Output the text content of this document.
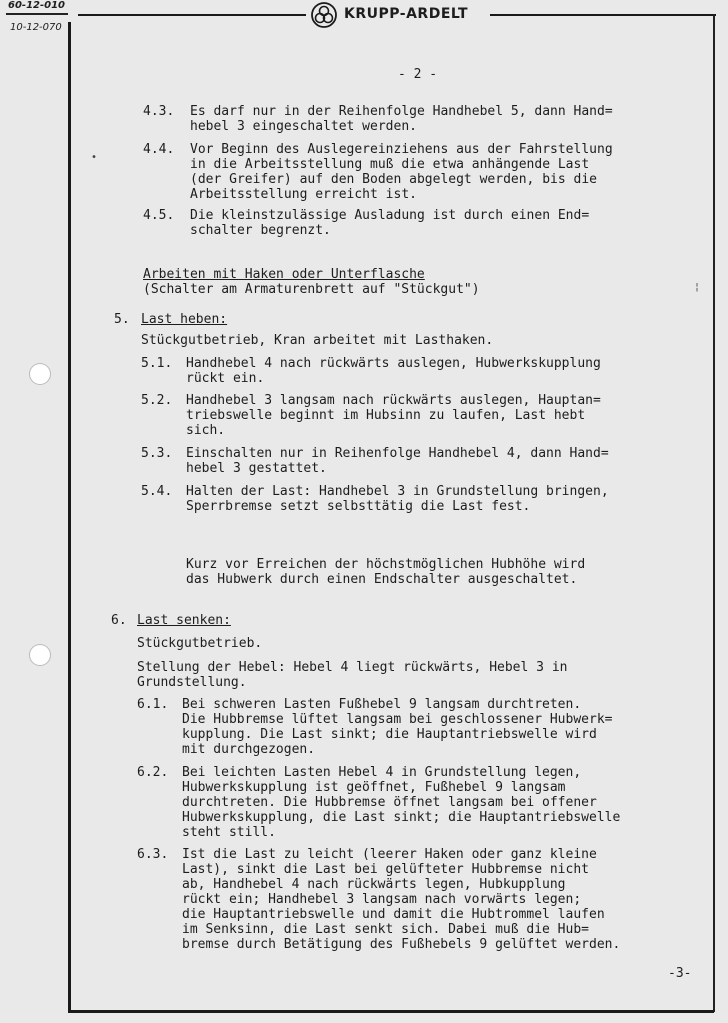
60-12-010
10-12-070
KRUPP-ARDELT
- 2 -
4.3. Es darf nur in der Reihenfolge Handhebel 5, dann Hand=
hebel 3 eingeschaltet werden.
4.4. Vor Beginn des Auslegereinziehens aus der Fahrstellung
in die Arbeitsstellung muß die etwa anhängende Last
(der Greifer) auf den Boden abgelegt werden, bis die
Arbeitsstellung erreicht ist.
4.5. Die kleinstzulässige Ausladung ist durch einen End=
schalter begrenzt.
Arbeiten mit Haken oder Unterflasche
(Schalter am Armaturenbrett auf "Stückgut")
5. Last heben:
Stückgutbetrieb, Kran arbeitet mit Lasthaken.
5.1. Handhebel 4 nach rückwärts auslegen, Hubwerkskupplung
rückt ein.
5.2. Handhebel 3 langsam nach rückwärts auslegen, Hauptan=
triebswelle beginnt im Hubsinn zu laufen, Last hebt
sich.
5.3. Einschalten nur in Reihenfolge Handhebel 4, dann Hand=
hebel 3 gestattet.
5.4. Halten der Last: Handhebel 3 in Grundstellung bringen,
Sperrbremse setzt selbsttätig die Last fest.
Kurz vor Erreichen der höchstmöglichen Hubhöhe wird
das Hubwerk durch einen Endschalter ausgeschaltet.
6. Last senken:
Stückgutbetrieb.
Stellung der Hebel: Hebel 4 liegt rückwärts, Hebel 3 in
Grundstellung.
6.1. Bei schweren Lasten Fußhebel 9 langsam durchtreten.
Die Hubbremse lüftet langsam bei geschlossener Hubwerk=
kupplung. Die Last sinkt; die Hauptantriebswelle wird
mit durchgezogen.
6.2. Bei leichten Lasten Hebel 4 in Grundstellung legen,
Hubwerkskupplung ist geöffnet, Fußhebel 9 langsam
durchtreten. Die Hubbremse öffnet langsam bei offener
Hubwerkskupplung, die Last sinkt; die Hauptantriebswelle
steht still.
6.3. Ist die Last zu leicht (leerer Haken oder ganz kleine
Last), sinkt die Last bei gelüfteter Hubbremse nicht
ab, Handhebel 4 nach rückwärts legen, Hubkupplung
rückt ein; Handhebel 3 langsam nach vorwärts legen;
die Hauptantriebswelle und damit die Hubtrommel laufen
im Senksinn, die Last senkt sich. Dabei muß die Hub=
bremse durch Betätigung des Fußhebels 9 gelüftet werden.
-3-
•
¦
